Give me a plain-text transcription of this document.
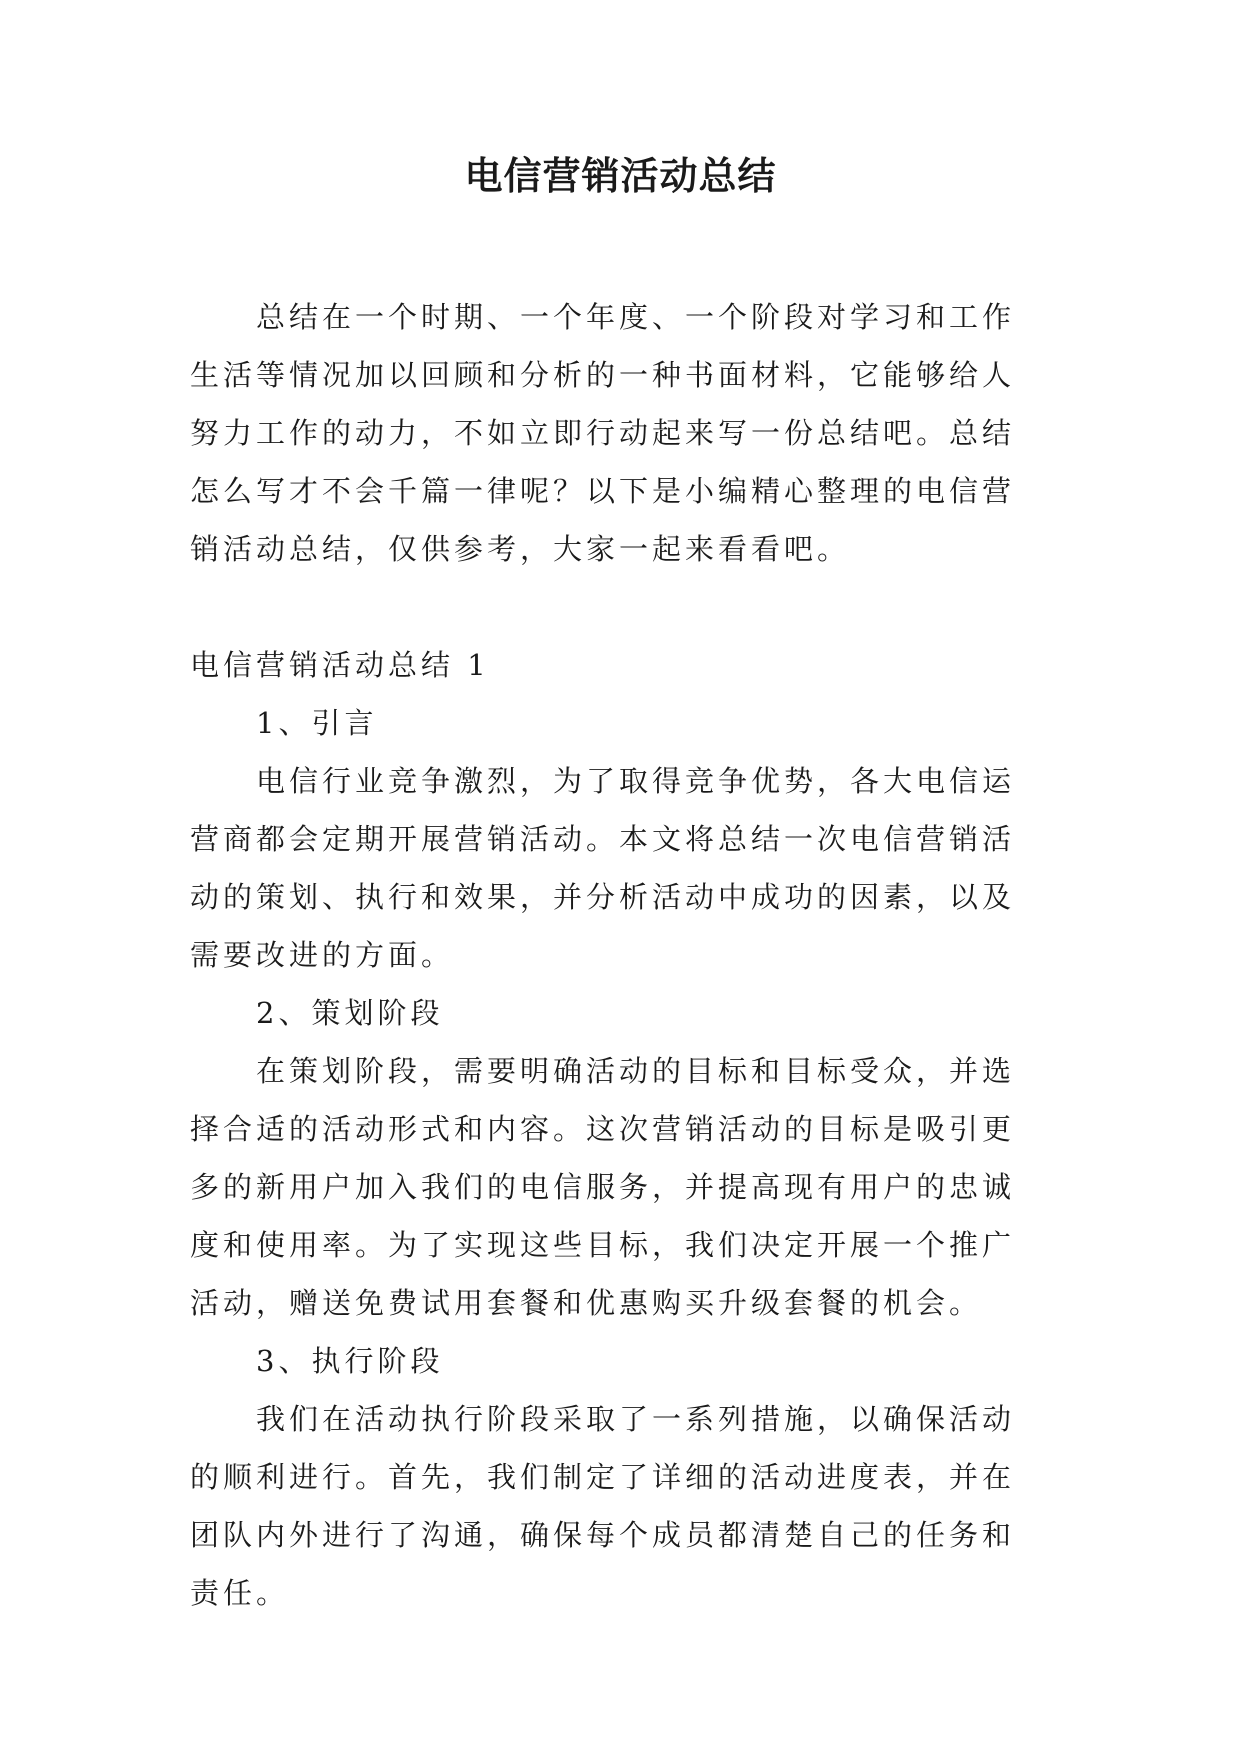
电信营销活动总结

总结在一个时期、一个年度、一个阶段对学习和工作生活等情况加以回顾和分析的一种书面材料，它能够给人努力工作的动力，不如立即行动起来写一份总结吧。总结怎么写才不会千篇一律呢？以下是小编精心整理的电信营销活动总结，仅供参考，大家一起来看看吧。

电信营销活动总结 1

1、引言

电信行业竞争激烈，为了取得竞争优势，各大电信运营商都会定期开展营销活动。本文将总结一次电信营销活动的策划、执行和效果，并分析活动中成功的因素，以及需要改进的方面。

2、策划阶段

在策划阶段，需要明确活动的目标和目标受众，并选择合适的活动形式和内容。这次营销活动的目标是吸引更多的新用户加入我们的电信服务，并提高现有用户的忠诚度和使用率。为了实现这些目标，我们决定开展一个推广活动，赠送免费试用套餐和优惠购买升级套餐的机会。

3、执行阶段

我们在活动执行阶段采取了一系列措施，以确保活动的顺利进行。首先，我们制定了详细的活动进度表，并在团队内外进行了沟通，确保每个成员都清楚自己的任务和责任。
